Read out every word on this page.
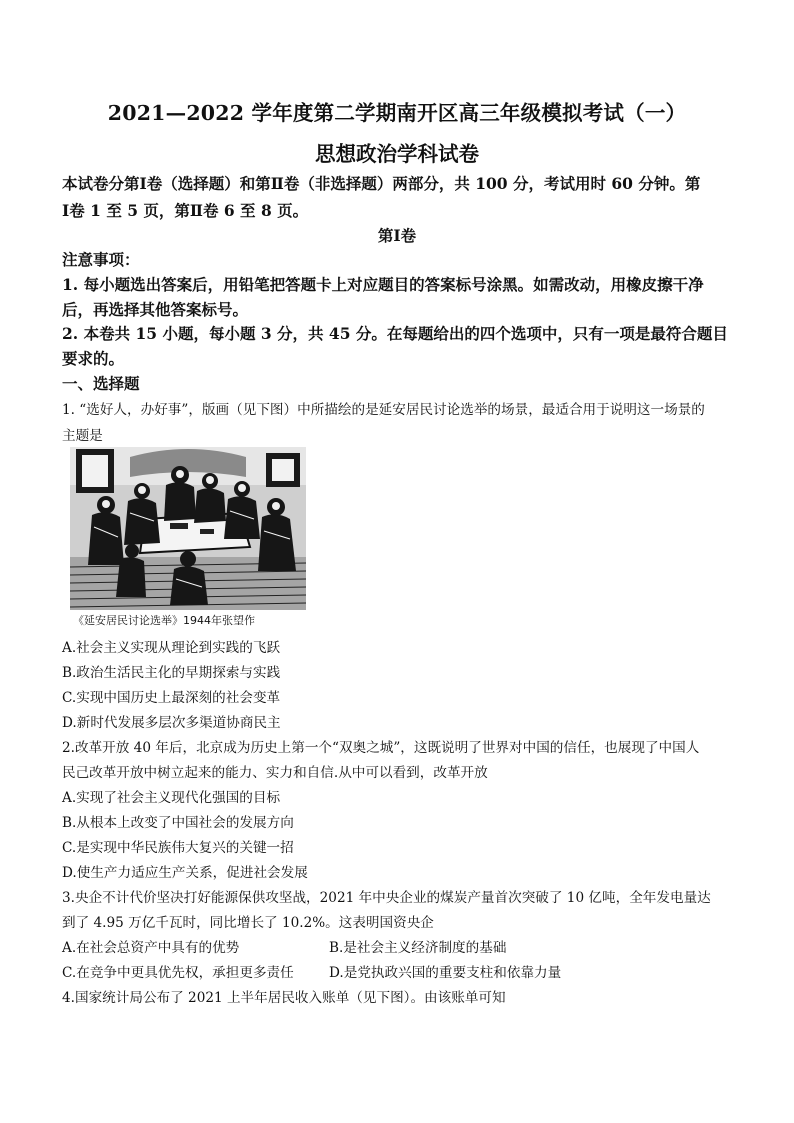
2021—2022 学年度第二学期南开区高三年级模拟考试（一）
思想政治学科试卷
本试卷分第Ⅰ卷（选择题）和第Ⅱ卷（非选择题）两部分，共 100 分，考试用时 60 分钟。第
Ⅰ卷 1 至 5 页，第Ⅱ卷 6 至 8 页。
第Ⅰ卷
注意事项：
1. 每小题选出答案后，用铅笔把答题卡上对应题目的答案标号涂黑。如需改动，用橡皮擦干净
后，再选择其他答案标号。
2. 本卷共 15 小题，每小题 3 分，共 45 分。在每题给出的四个选项中，只有一项是最符合题目
要求的。
一、选择题
1. “选好人，办好事”，版画（见下图）中所描绘的是延安居民讨论选举的场景，最适合用于说明这一场景的
主题是
《延安居民讨论选举》1944年张望作
A.社会主义实现从理论到实践的飞跃
B.政治生活民主化的早期探索与实践
C.实现中国历史上最深刻的社会变革
D.新时代发展多层次多渠道协商民主
2.改革开放 40 年后，北京成为历史上第一个“双奥之城”，这既说明了世界对中国的信任，也展现了中国人
民己改革开放中树立起来的能力、实力和自信.从中可以看到，改革开放
A.实现了社会主义现代化强国的目标
B.从根本上改变了中国社会的发展方向
C.是实现中华民族伟大复兴的关键一招
D.使生产力适应生产关系，促进社会发展
3.央企不计代价坚决打好能源保供攻坚战，2021 年中央企业的煤炭产量首次突破了 10 亿吨，全年发电量达
到了 4.95 万亿千瓦时，同比增长了 10.2%。这表明国资央企
A.在社会总资产中具有的优势	B.是社会主义经济制度的基础
C.在竞争中更具优先权，承担更多责任	D.是党执政兴国的重要支柱和依靠力量
4.国家统计局公布了 2021 上半年居民收入账单（见下图）。由该账单可知
